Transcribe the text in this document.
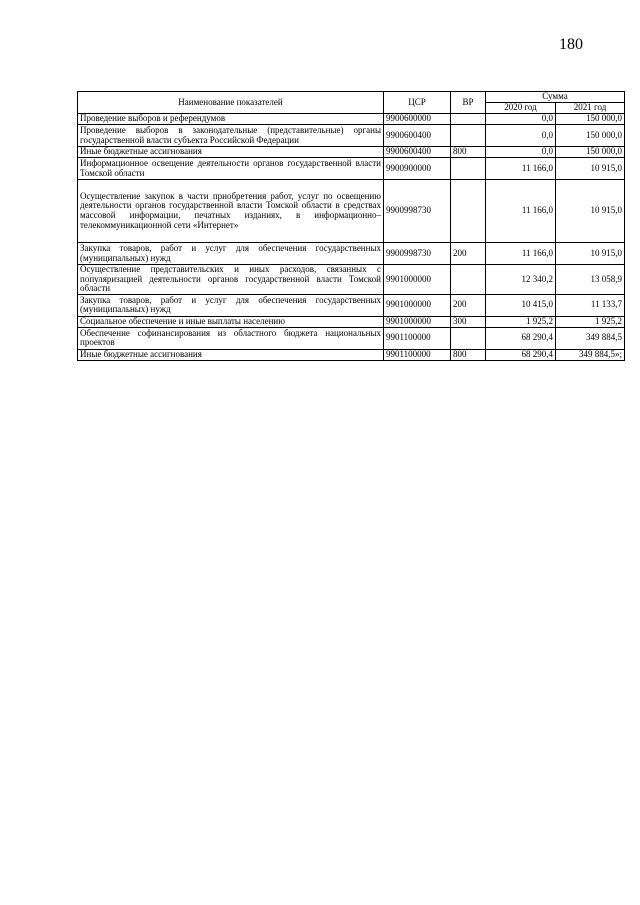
180
Наименование показателей	ЦСР	ВР	Сумма	
			2020 год	2021 год
Проведение выборов и референдумов	9900600000		0,0	150 000,0
Проведение выборов в законодательные (представительные) органы государственной власти субъекта Российской Федерации	9900600400		0,0	150 000,0
Иные бюджетные ассигнования	9900600400	800	0,0	150 000,0
Информационное освещение деятельности органов государственной власти Томской области	9900900000		11 166,0	10 915,0
Осуществление закупок в части приобретения работ, услуг по освещению деятельности органов государственной власти Томской области в средствах массовой информации, печатных изданиях, в информационно–телекоммуникационной сети «Интернет»	9900998730		11 166,0	10 915,0
Закупка товаров, работ и услуг для обеспечения государственных (муниципальных) нужд	9900998730	200	11 166,0	10 915,0
Осуществление представительских и иных расходов, связанных с популяризацией деятельности органов государственной власти Томской области	9901000000		12 340,2	13 058,9
Закупка товаров, работ и услуг для обеспечения государственных (муниципальных) нужд	9901000000	200	10 415,0	11 133,7
Социальное обеспечение и иные выплаты населению	9901000000	300	1 925,2	1 925,2
Обеспечение софинансирования из областного бюджета национальных проектов	9901100000		68 290,4	349 884,5
Иные бюджетные ассигнования	9901100000	800	68 290,4	349 884,5»;
